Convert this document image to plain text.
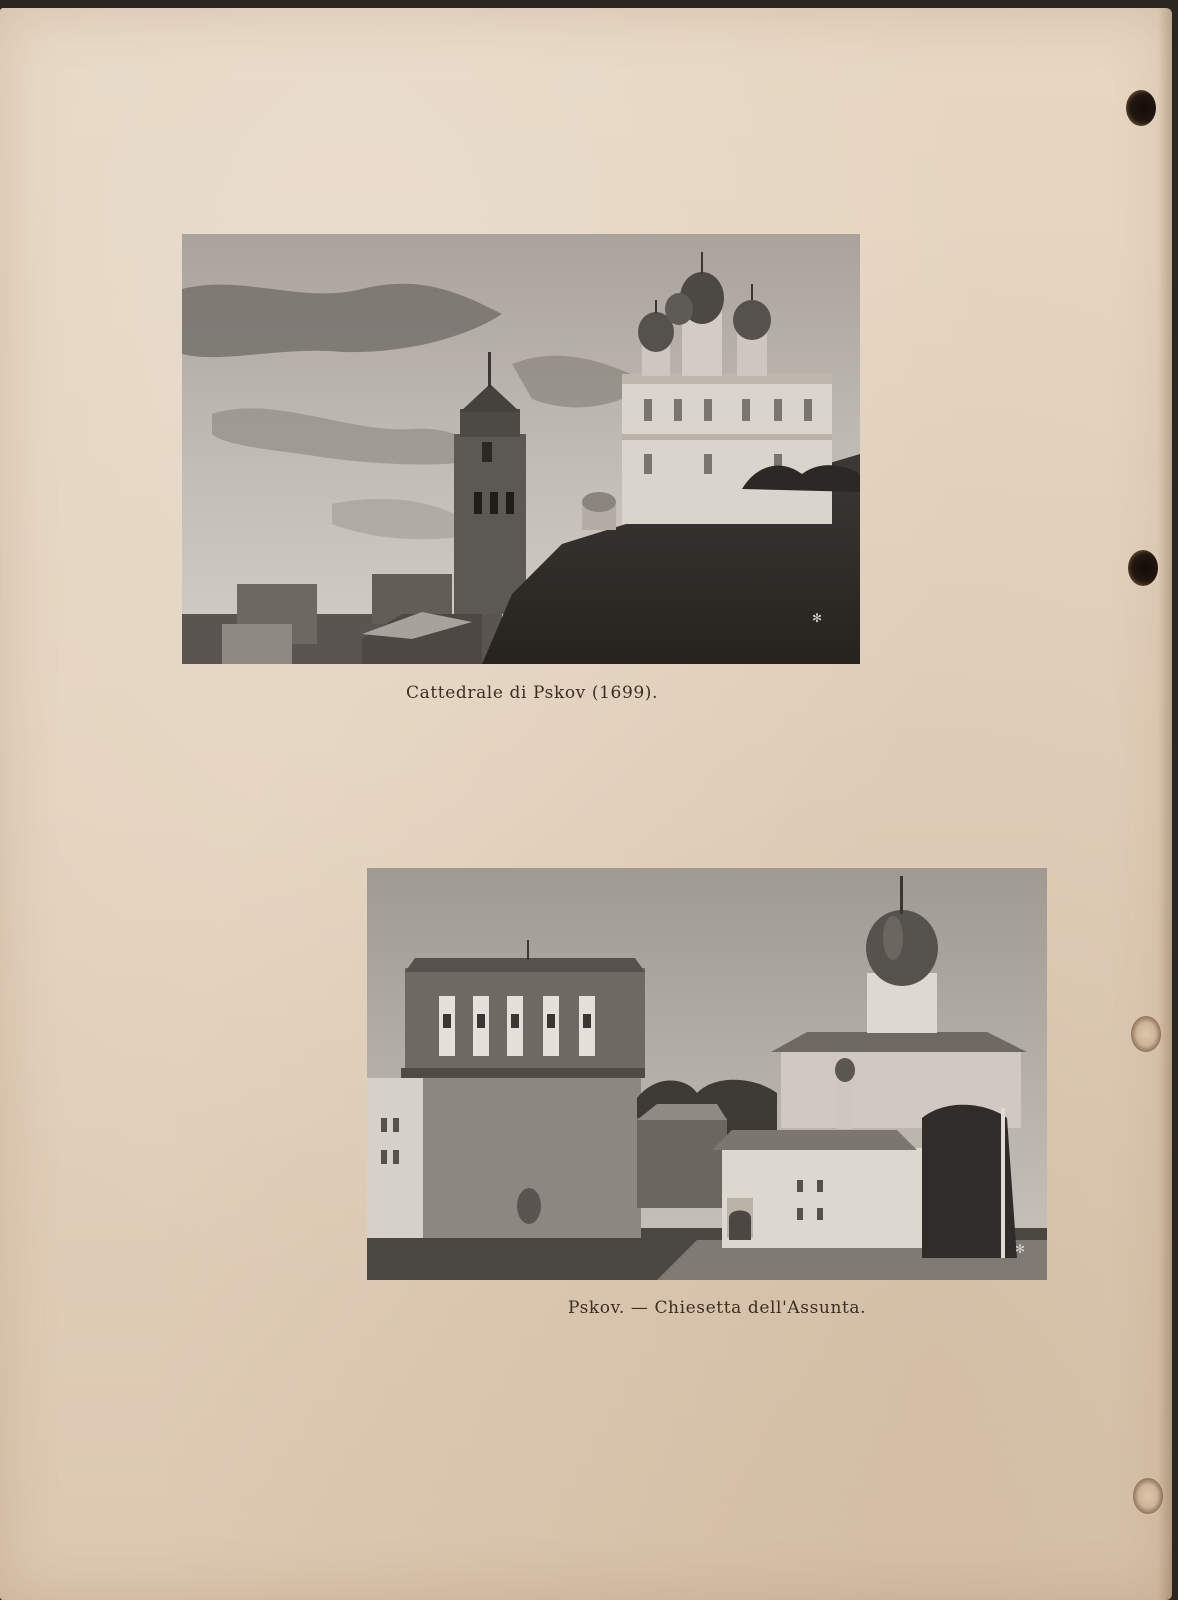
✻
Cattedrale di Pskov (1699).
✻
Pskov. — Chiesetta dell'Assunta.
